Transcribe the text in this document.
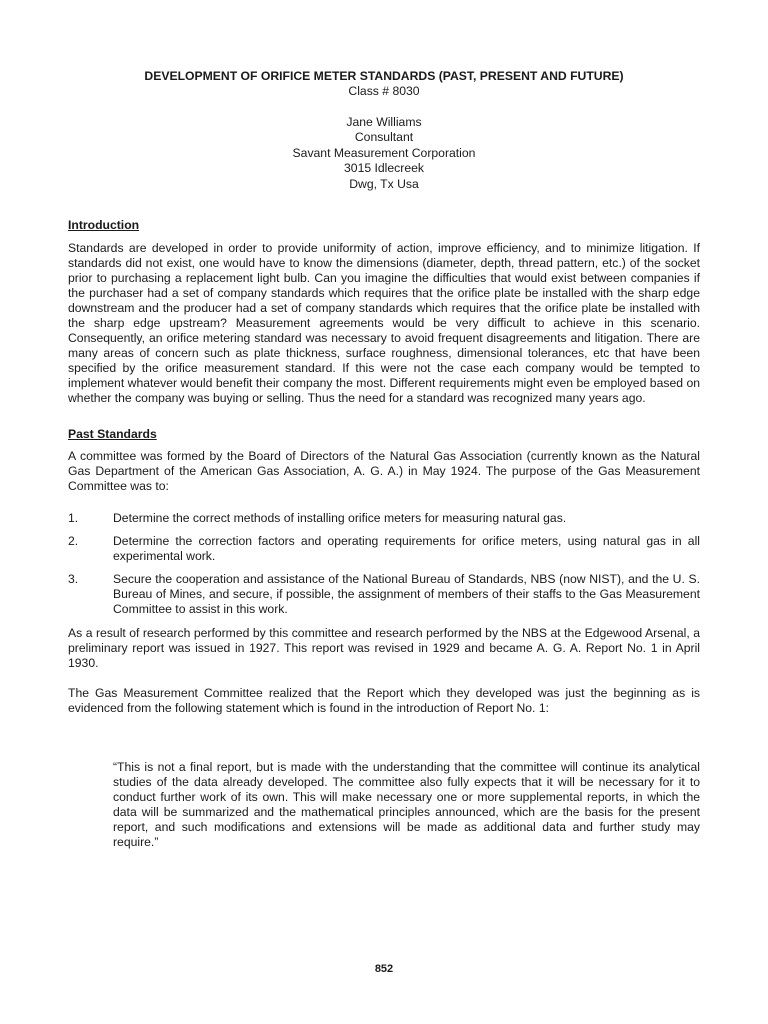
DEVELOPMENT OF ORIFICE METER STANDARDS (PAST, PRESENT AND FUTURE)
Class # 8030
Jane Williams
Consultant
Savant Measurement Corporation
3015 Idlecreek
Dwg, Tx Usa
Introduction

Standards are developed in order to provide uniformity of action, improve efficiency, and to minimize litigation. If standards did not exist, one would have to know the dimensions (diameter, depth, thread pattern, etc.) of the socket prior to purchasing a replacement light bulb. Can you imagine the difficulties that would exist between companies if the purchaser had a set of company standards which requires that the orifice plate be installed with the sharp edge downstream and the producer had a set of company standards which requires that the orifice plate be installed with the sharp edge upstream? Measurement agreements would be very difficult to achieve in this scenario. Consequently, an orifice metering standard was necessary to avoid frequent disagreements and litigation. There are many areas of concern such as plate thickness, surface roughness, dimensional tolerances, etc that have been specified by the orifice measurement standard. If this were not the case each company would be tempted to implement whatever would benefit their company the most. Different requirements might even be employed based on whether the company was buying or selling. Thus the need for a standard was recognized many years ago.

Past Standards

A committee was formed by the Board of Directors of the Natural Gas Association (currently known as the Natural Gas Department of the American Gas Association, A. G. A.) in May 1924. The purpose of the Gas Measurement Committee was to:

1.	Determine the correct methods of installing orifice meters for measuring natural gas.
2.	Determine the correction factors and operating requirements for orifice meters, using natural gas in all experimental work.
3.	Secure the cooperation and assistance of the National Bureau of Standards, NBS (now NIST), and the U. S. Bureau of Mines, and secure, if possible, the assignment of members of their staffs to the Gas Measurement Committee to assist in this work.

As a result of research performed by this committee and research performed by the NBS at the Edgewood Arsenal, a preliminary report was issued in 1927. This report was revised in 1929 and became A. G. A. Report No. 1 in April 1930.

The Gas Measurement Committee realized that the Report which they developed was just the beginning as is evidenced from the following statement which is found in the introduction of Report No. 1:

“This is not a final report, but is made with the understanding that the committee will continue its analytical studies of the data already developed. The committee also fully expects that it will be necessary for it to conduct further work of its own. This will make necessary one or more supplemental reports, in which the data will be summarized and the mathematical principles announced, which are the basis for the present report, and such modifications and extensions will be made as additional data and further study may require.”

852
